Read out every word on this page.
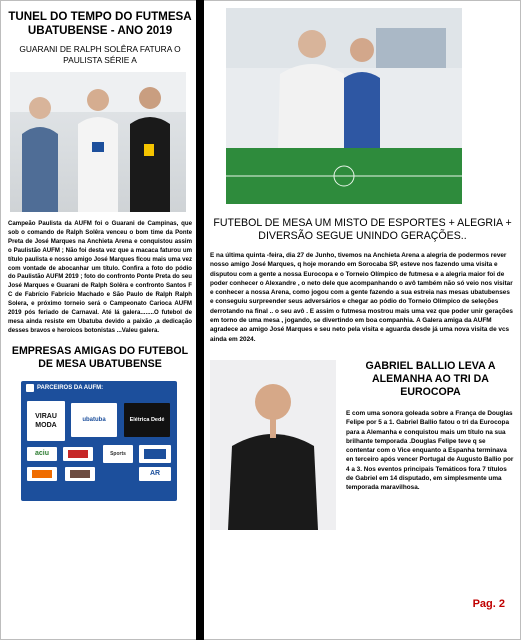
TUNEL DO TEMPO DO FUTMESA UBATUBENSE - ANO 2019
GUARANI DE RALPH SOLÊRA FATURA O PAULISTA SÉRIE A

Campeão Paulista da AUFM foi o Guarani de Campinas, que sob o comando de Ralph Solêra venceu o bom time da Ponte Preta de José Marques na Anchieta Arena e conquistou assim o Paulistão AUFM ; Não foi desta vez que a macaca faturou um título paulista e nosso amigo José Marques ficou mais uma vez com vontade de abocanhar um título. Confira a foto do pódio do Paulistão AUFM 2019 ; foto do confronto Ponte Preta do seu José Marques e Guarani de Ralph Solêra e confronto Santos F C de Fabrício Fabrício Machado e São Paulo de Ralph Ralph Solera, e próximo torneio será o Campeonato Carioca AUFM 2019 pós feriado de Carnaval. Até lá galera........O futebol de mesa ainda resiste em Ubatuba devido a paixão ,a dedicação desses bravos e heroicos botonistas ...Valeu galera.

EMPRESAS AMIGAS DO FUTEBOL DE MESA UBATUBENSE
PARCEIROS DA AUFM:
VIRAU MODA
ubatuba	Elétrica Dedé
aciu	Sports
AR
FUTEBOL DE MESA UM MISTO DE ESPORTES + ALEGRIA + DIVERSÃO SEGUE UNINDO GERAÇÕES..

E na última quinta -feira, dia 27 de Junho, tivemos na Anchieta Arena a alegria de podermos rever nosso amigo José Marques, q hoje morando em Sorocaba SP, esteve nos fazendo uma visita e disputou com a gente a nossa Eurocopa e o Torneio Olímpico de futmesa e a alegria maior foi de poder conhecer o Alexandre , o neto dele que acompanhando o avô também não só veio nos visitar e conhecer a nossa Arena, como jogou com a gente fazendo a sua estreia nas mesas ubatubenses e conseguiu surpreender seus adversários e chegar ao pódio do Torneio Olímpico de seleções derrotando na final .. o seu avô . E assim o futmesa mostrou mais uma vez que poder unir gerações em torno de uma mesa , jogando, se divertindo em boa companhia. A Galera amiga da AUFM agradece ao amigo José Marques e seu neto pela visita e aguarda desde já uma nova visita de vcs ainda em 2024.

GABRIEL BALLIO LEVA A ALEMANHA AO TRI DA EUROCOPA

E com uma sonora goleada sobre a França de Douglas Felipe por 5 a 1. Gabriel Ballio fatou o tri da Eurocopa para a Alemanha e conquistou mais um título na sua brilhante temporada .Douglas Felipe teve q se contentar com o Vice enquanto a Espanha terminava en terceiro após vencer Portugal de Augusto Ballio por 4 a 3. Nos eventos principais Temáticos fora 7 títulos de Gabriel em 14 disputado, em simplesmente uma temporada maravilhosa.

Pag. 2
